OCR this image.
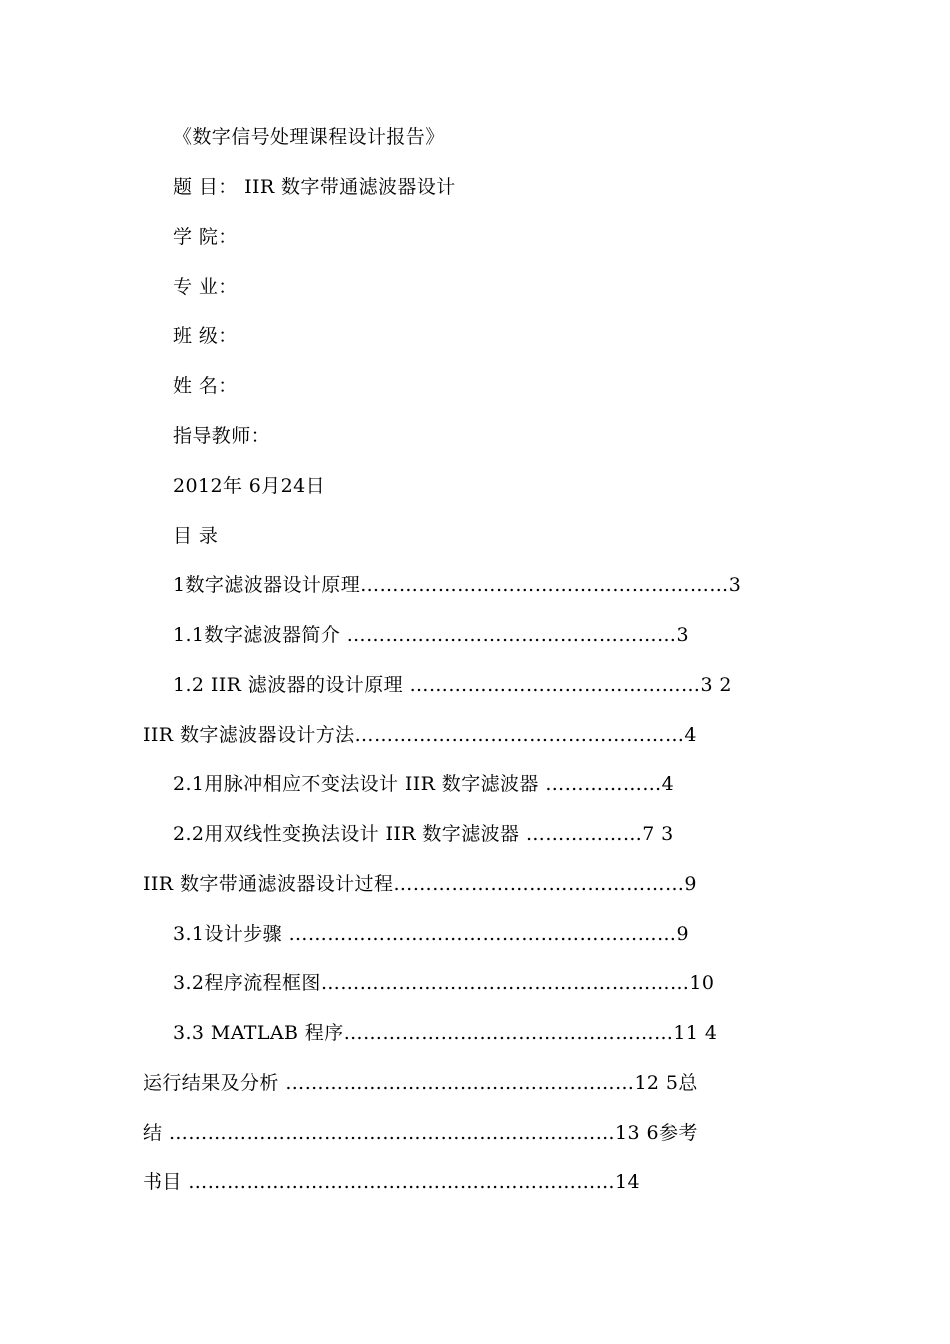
《数字信号处理课程设计报告》
题 目： IIR 数字带通滤波器设计
学 院：
专 业：
班 级：
姓 名：
指导教师：
2012年 6月24日
目 录
1数字滤波器设计原理…………………………………………………3
1.1数字滤波器简介 ……………………………………………3
1.2 IIR 滤波器的设计原理 ………………………………………3 2
IIR 数字滤波器设计方法……………………………………………4
2.1用脉冲相应不变法设计 IIR 数字滤波器 ………………4
2.2用双线性变换法设计 IIR 数字滤波器 ………………7 3
IIR 数字带通滤波器设计过程………………………………………9
3.1设计步骤 ……………………………………………………9
3.2程序流程框图…………………………………………………10
3.3 MATLAB 程序……………………………………………11 4
运行结果及分析 ………………………………………………12 5总
结 ……………………………………………………………13 6参考
书目 …………………………………………………………14
